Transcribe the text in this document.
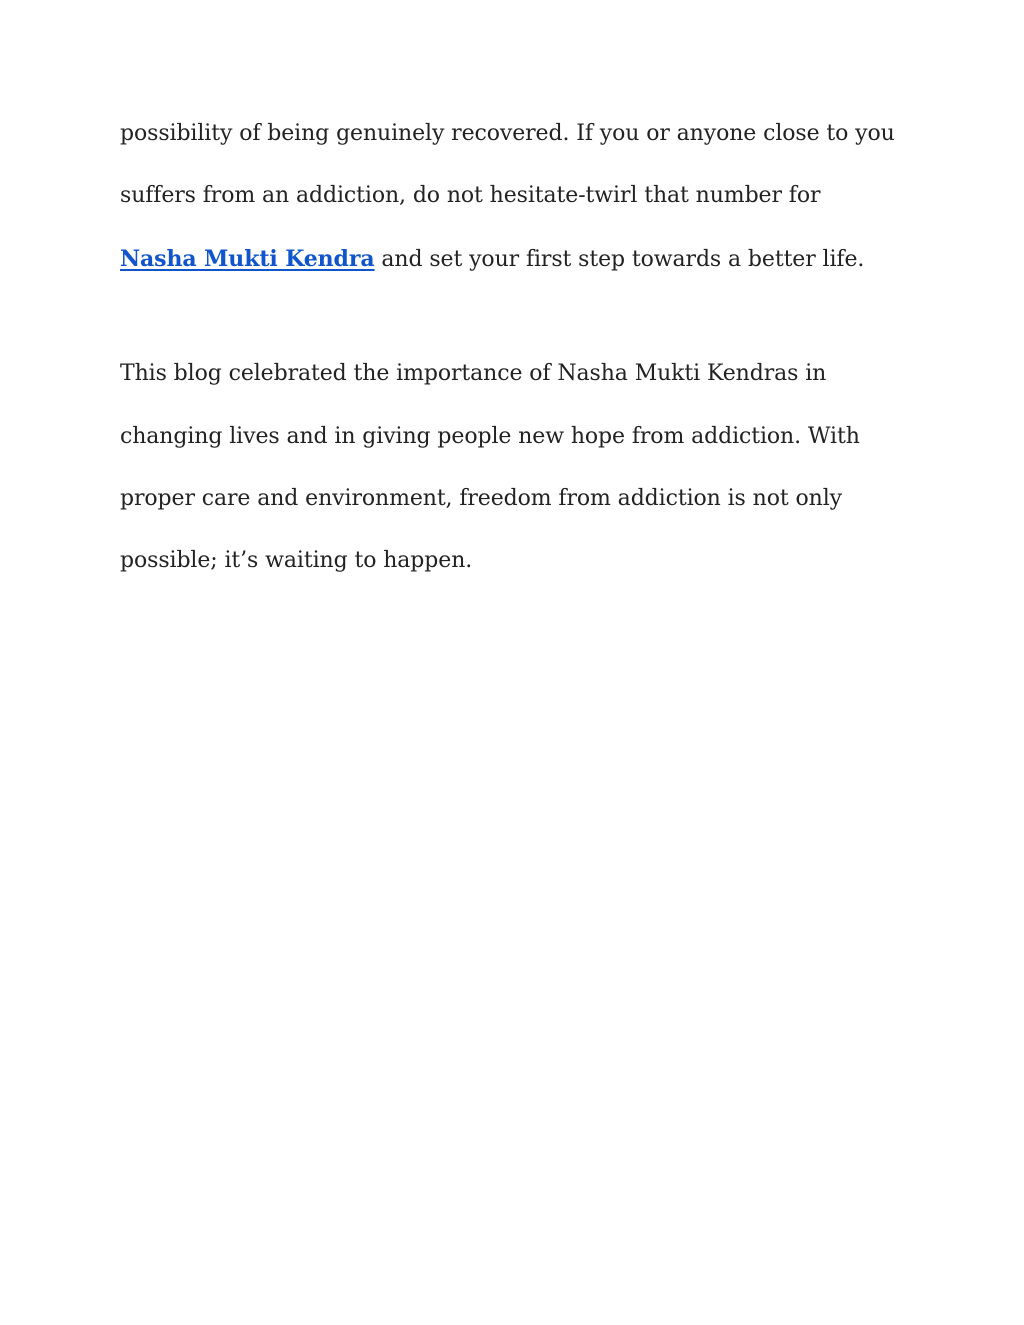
possibility of being genuinely recovered. If you or anyone close to you
suffers from an addiction, do not hesitate-twirl that number for
Nasha Mukti Kendra and set your first step towards a better life.

This blog celebrated the importance of Nasha Mukti Kendras in
changing lives and in giving people new hope from addiction. With
proper care and environment, freedom from addiction is not only
possible; it’s waiting to happen.
